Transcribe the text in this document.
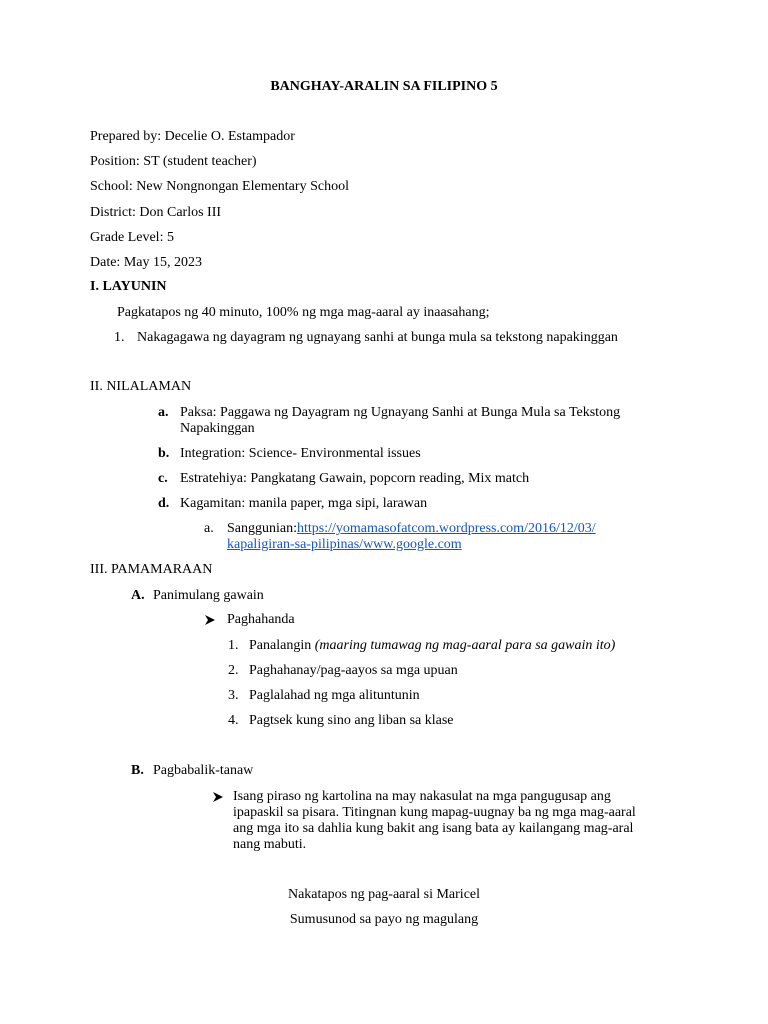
BANGHAY-ARALIN SA FILIPINO 5
Prepared by: Decelie O. Estampador
Position: ST (student teacher)
School: New Nongnongan Elementary School
District: Don Carlos III
Grade Level: 5
Date: May 15, 2023
I. LAYUNIN
Pagkatapos ng 40 minuto, 100% ng mga mag-aaral ay inaasahang;
1. Nakagagawa ng dayagram ng ugnayang sanhi at bunga mula sa tekstong napakinggan
II. NILALAMAN
a. Paksa: Paggawa ng Dayagram ng Ugnayang Sanhi at Bunga Mula sa Tekstong
Napakinggan
b. Integration: Science- Environmental issues
c. Estratehiya: Pangkatang Gawain, popcorn reading, Mix match
d. Kagamitan: manila paper, mga sipi, larawan
a. Sanggunian:https://yomamasofatcom.wordpress.com/2016/12/03/
kapaligiran-sa-pilipinas/www.google.com
III. PAMAMARAAN
A. Panimulang gawain
Paghahanda
1. Panalangin (maaring tumawag ng mag-aaral para sa gawain ito)
2. Paghahanay/pag-aayos sa mga upuan
3. Paglalahad ng mga alituntunin
4. Pagtsek kung sino ang liban sa klase
B. Pagbabalik-tanaw
Isang piraso ng kartolina na may nakasulat na mga pangugusap ang
ipapaskil sa pisara. Titingnan kung mapag-uugnay ba ng mga mag-aaral
ang mga ito sa dahlia kung bakit ang isang bata ay kailangang mag-aral
nang mabuti.
Nakatapos ng pag-aaral si Maricel
Sumusunod sa payo ng magulang
